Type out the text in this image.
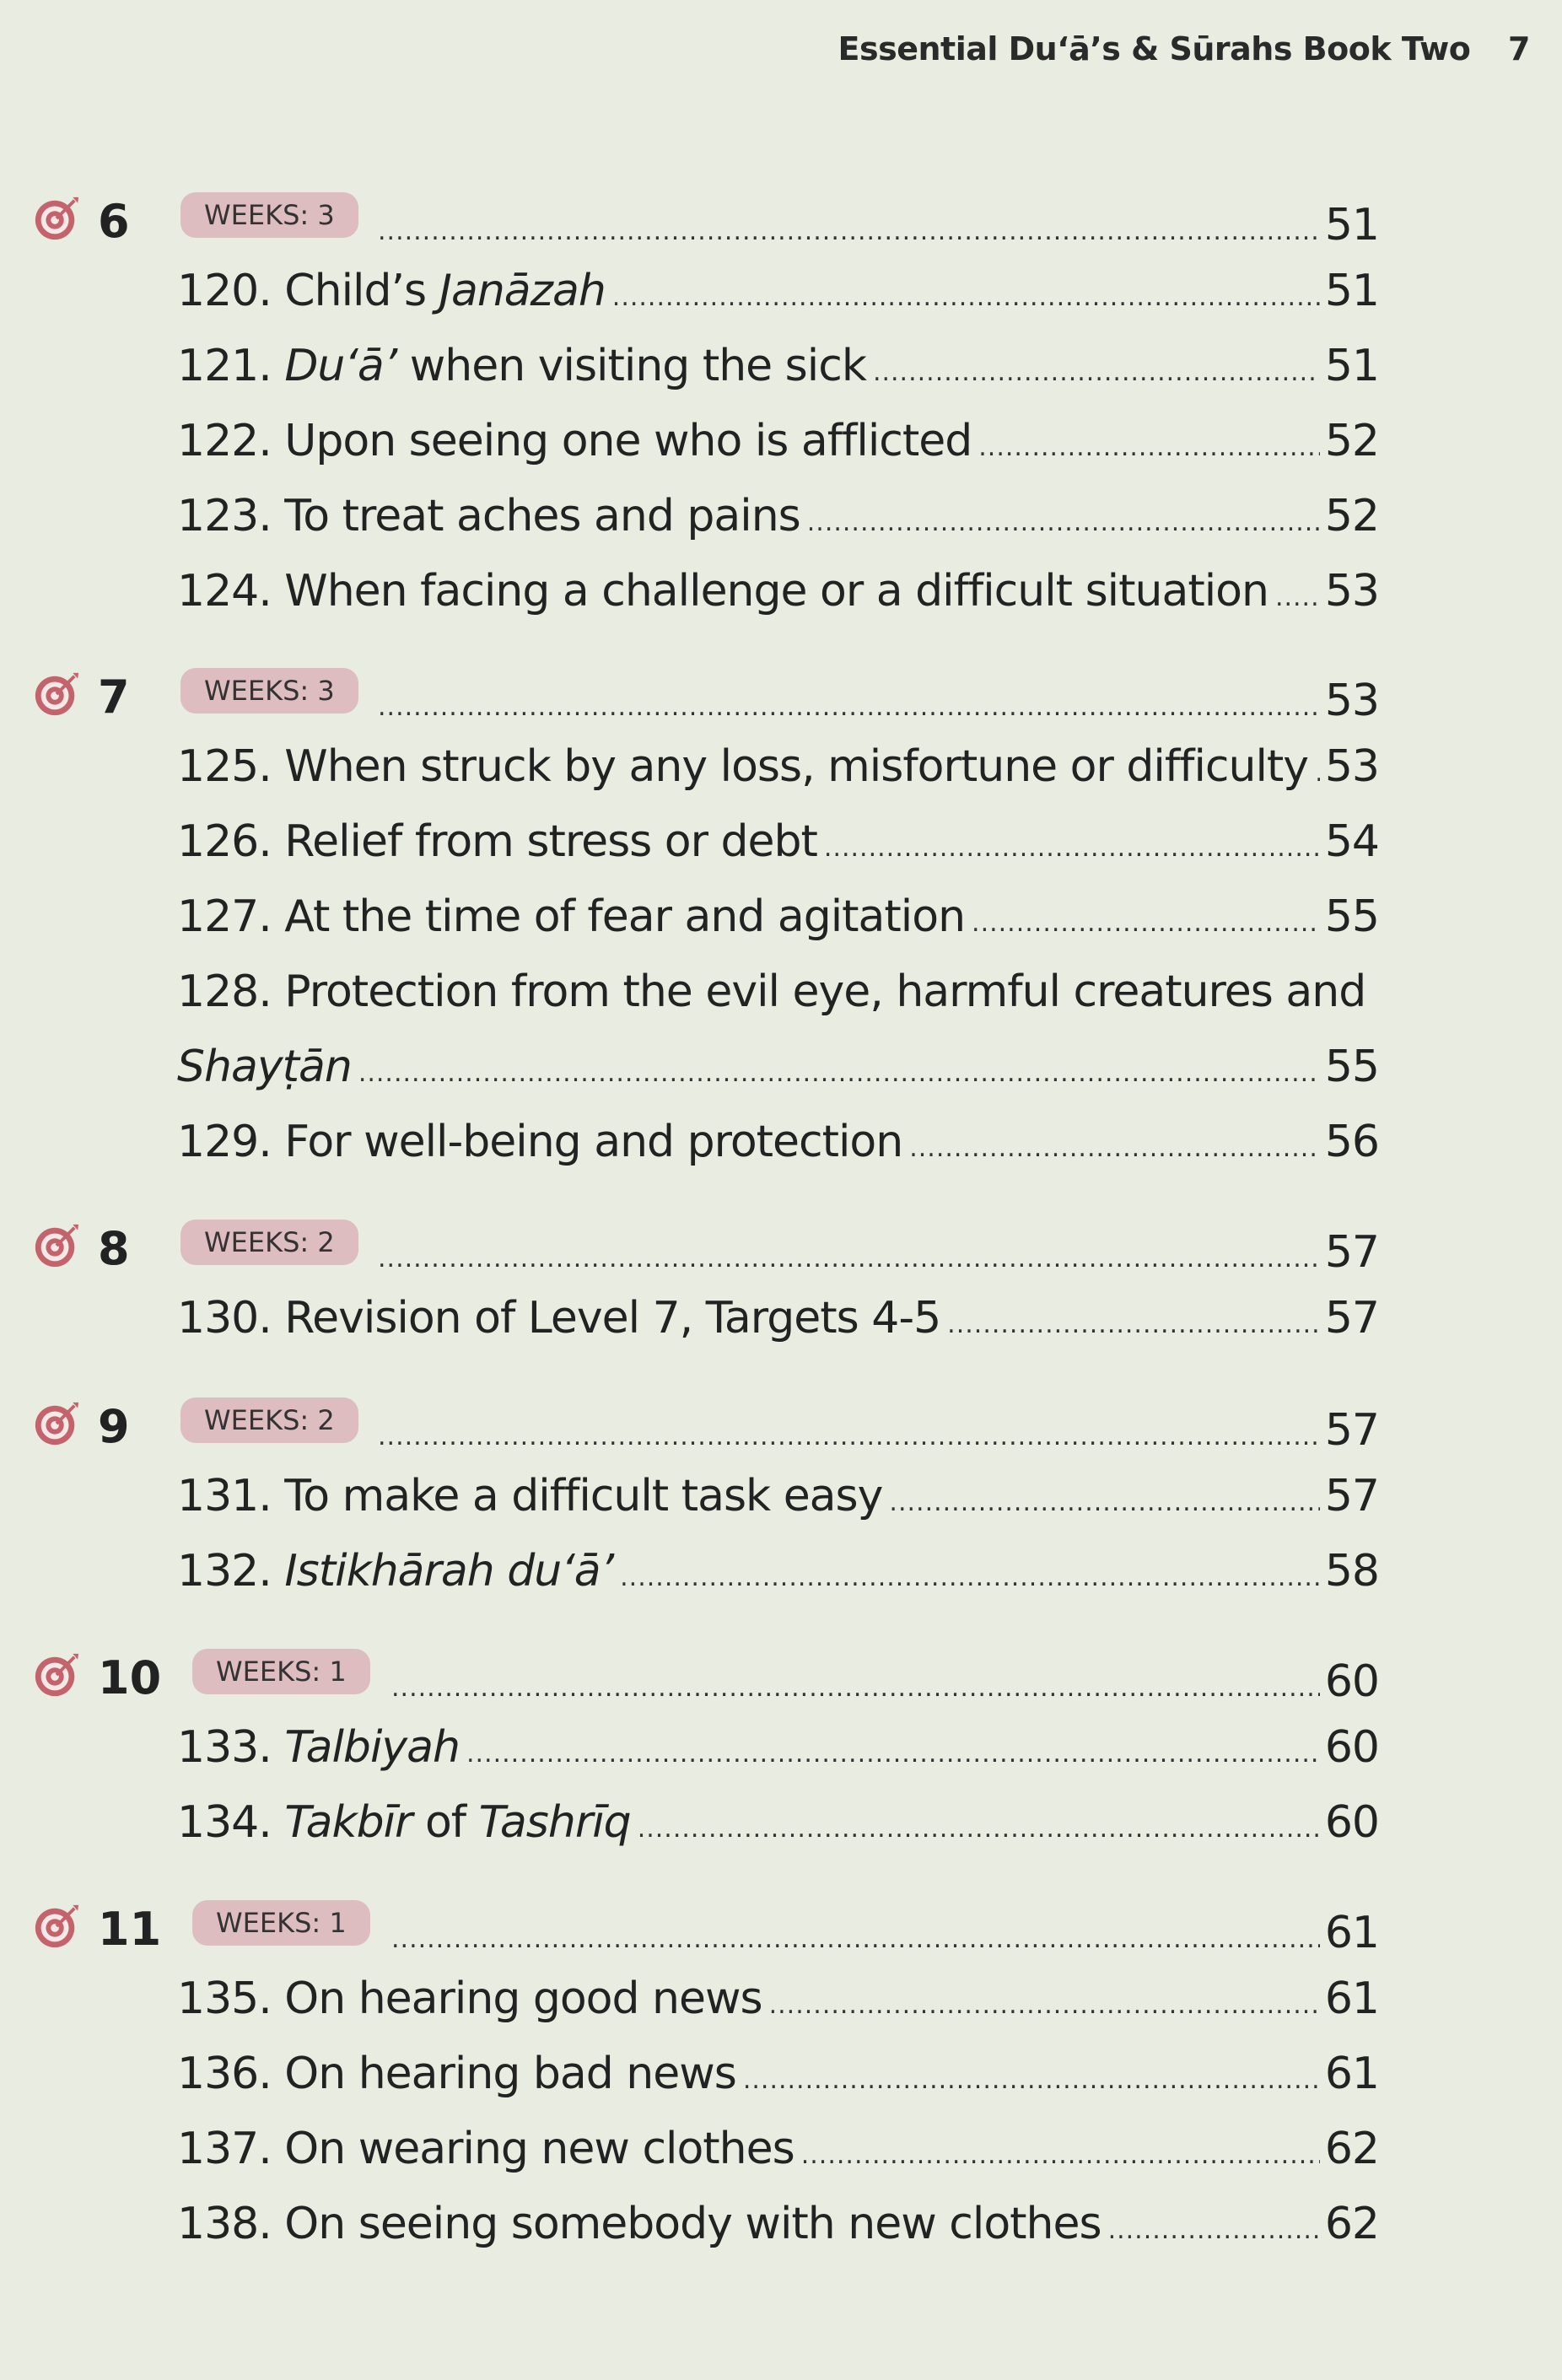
Essential Du‘ā’s & Sūrahs Book Two 7
6	WEEKS: 3 .....	51
120. Child’s Janāzah .....	51
121. Du‘ā’ when visiting the sick .....	51
122. Upon seeing one who is afflicted .....	52
123. To treat aches and pains .....	52
124. When facing a challenge or a difficult situation ..... 53
7	WEEKS: 3 .....	53
125. When struck by any loss, misfortune or difficulty ..... 53
126. Relief from stress or debt .....	54
127. At the time of fear and agitation .....	55
128. Protection from the evil eye, harmful creatures and
Shayṭān .....	55
129. For well-being and protection .....	56
8	WEEKS: 2 .....	57
130. Revision of Level 7, Targets 4-5 .....	57
9	WEEKS: 2 .....	57
131. To make a difficult task easy .....	57
132. Istikhārah du‘ā’ .....	58
10	WEEKS: 1 .....	60
133. Talbiyah .....	60
134. Takbīr of Tashrīq .....	60
11	WEEKS: 1 .....	61
135. On hearing good news .....	61
136. On hearing bad news .....	61
137. On wearing new clothes .....	62
138. On seeing somebody with new clothes .....	62
